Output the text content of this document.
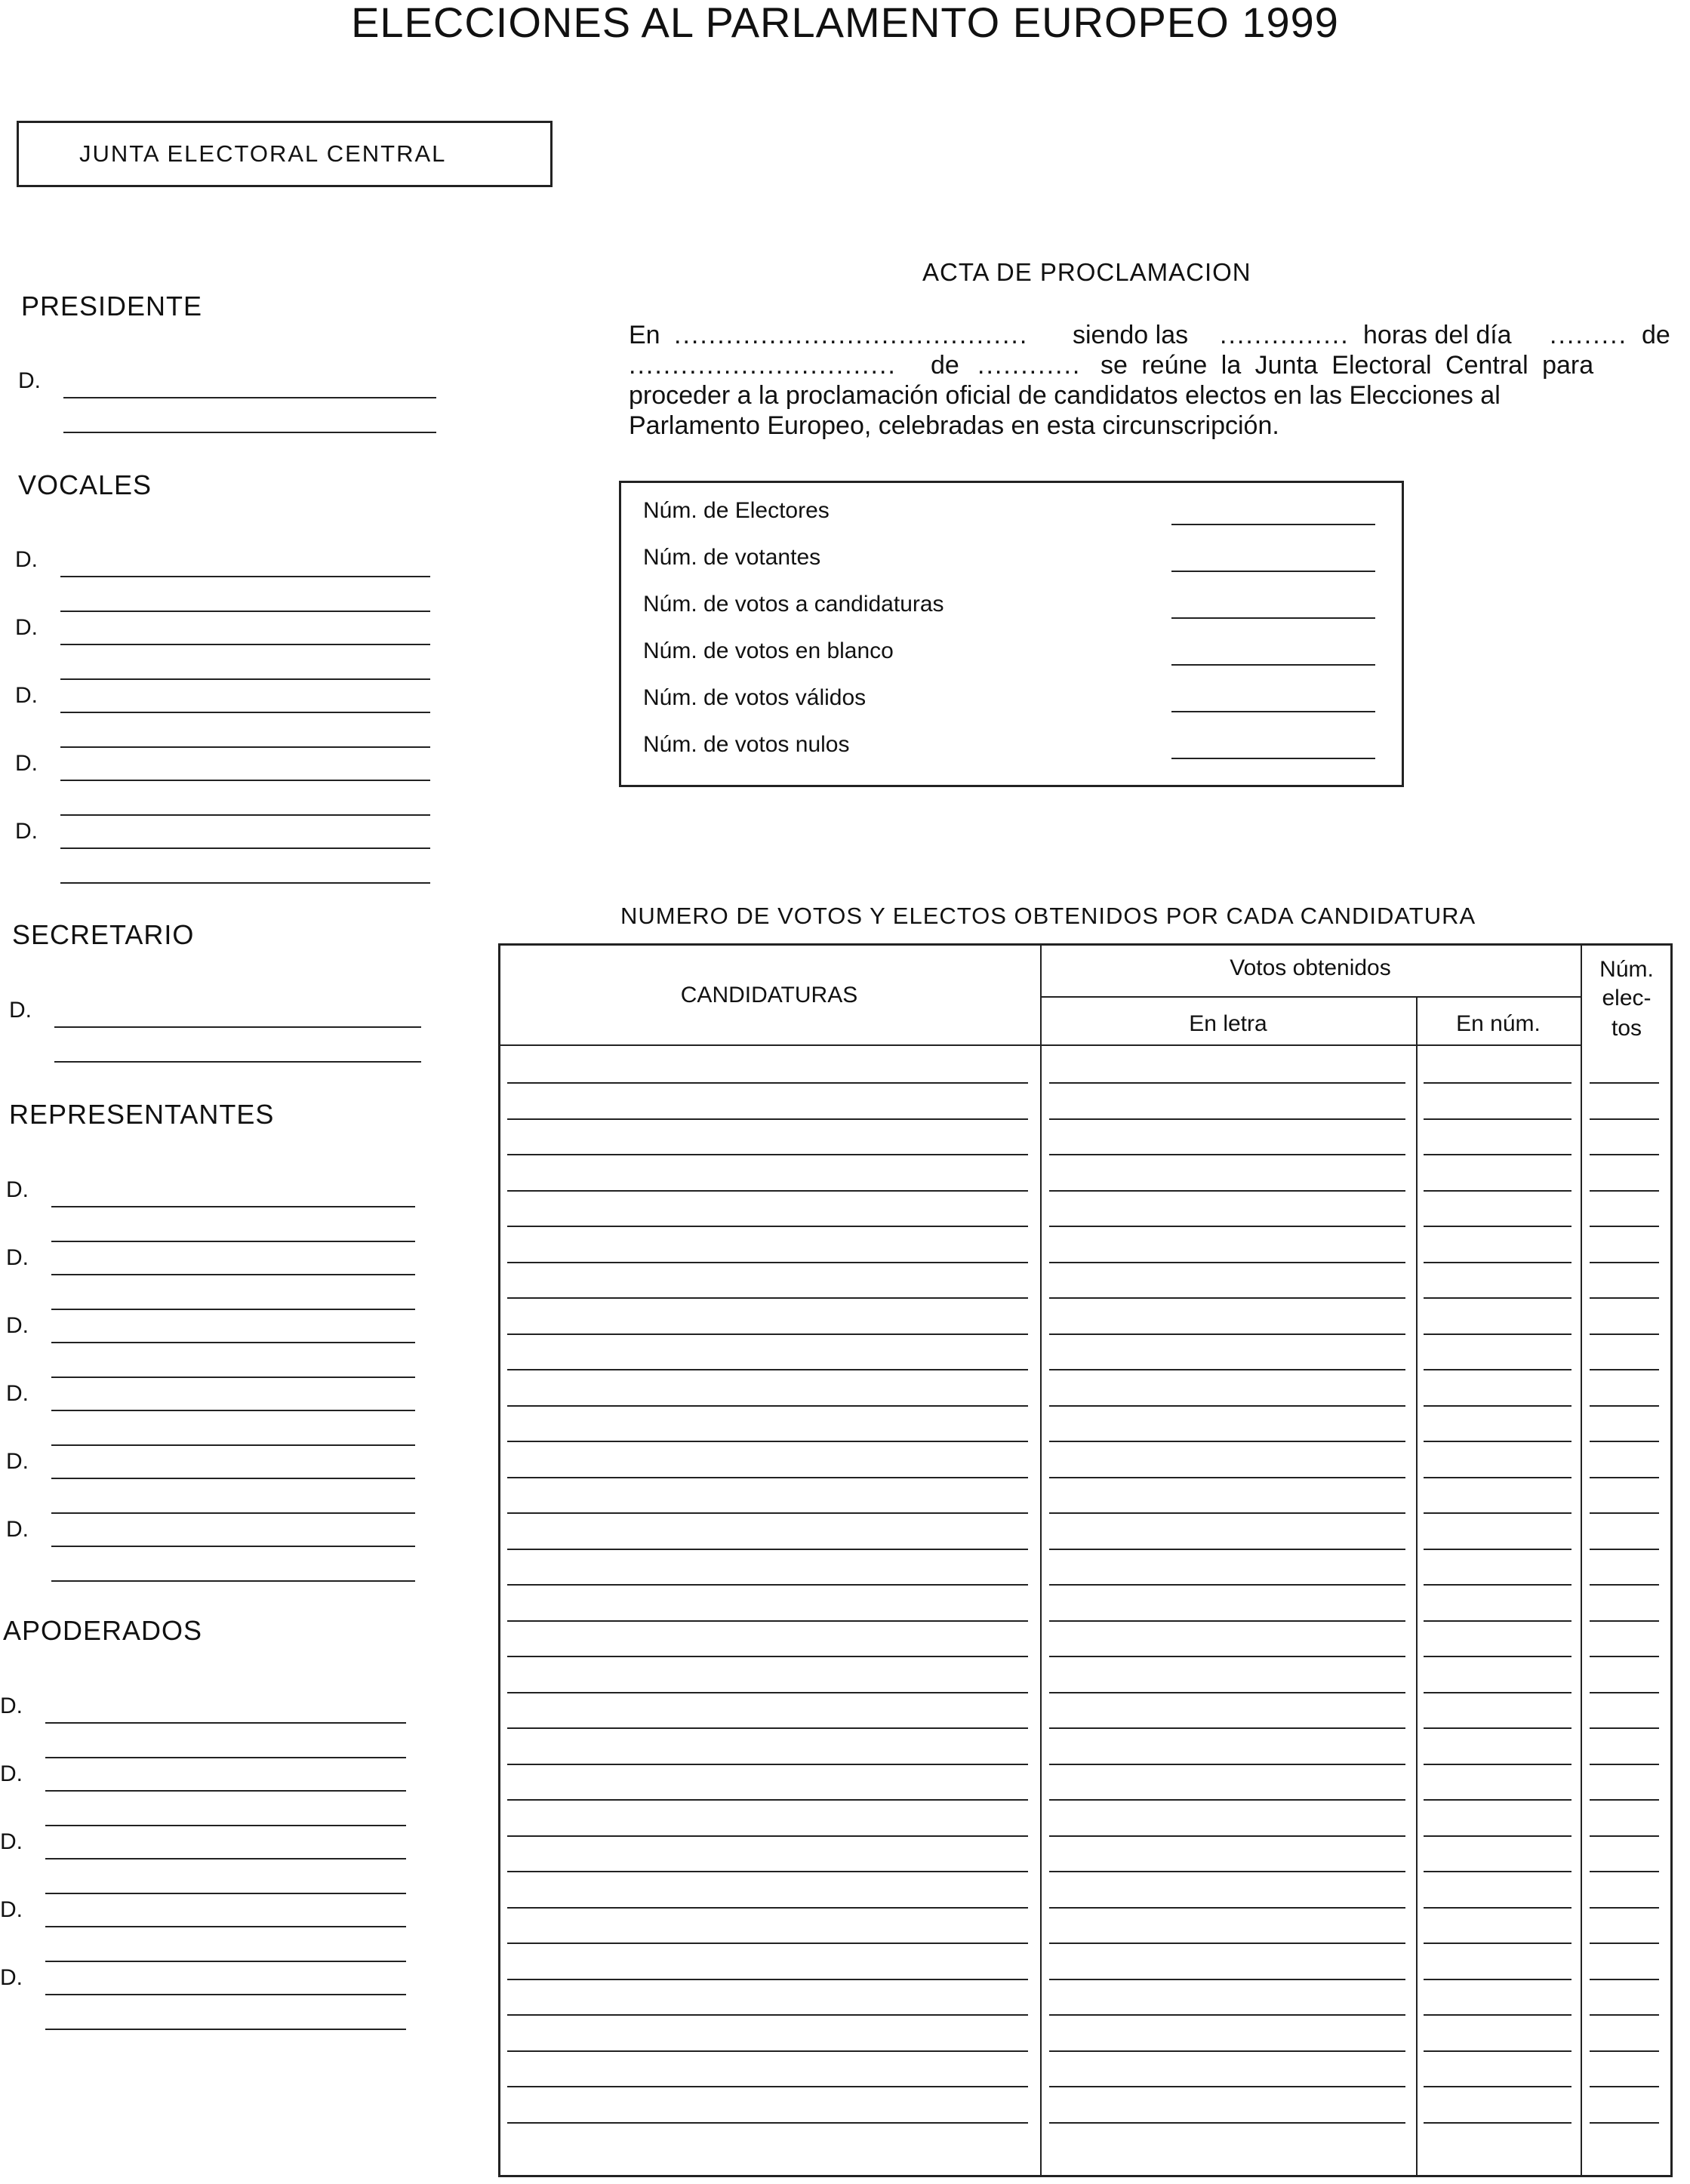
ELECCIONES AL PARLAMENTO EUROPEO 1999
JUNTA ELECTORAL CENTRAL
PRESIDENTE
D.
VOCALES
D.
D.
D.
D.
D.
SECRETARIO
D.
REPRESENTANTES
D.
D.
D.
D.
D.
D.
APODERADOS
D.
D.
D.
D.
D.
ACTA DE PROCLAMACION
En ......................................... siendo las ............... horas del día ......... de
............................... de ............ se reúne la Junta Electoral Central para
proceder a la proclamación oficial de candidatos electos en las Elecciones al
Parlamento Europeo, celebradas en esta circunscripción.
Núm. de Electores
Núm. de votantes
Núm. de votos a candidaturas
Núm. de votos en blanco
Núm. de votos válidos
Núm. de votos nulos
NUMERO DE VOTOS Y ELECTOS OBTENIDOS POR CADA CANDIDATURA
CANDIDATURAS
Votos obtenidos
En letra	En núm.
Núm.
elec-
tos
